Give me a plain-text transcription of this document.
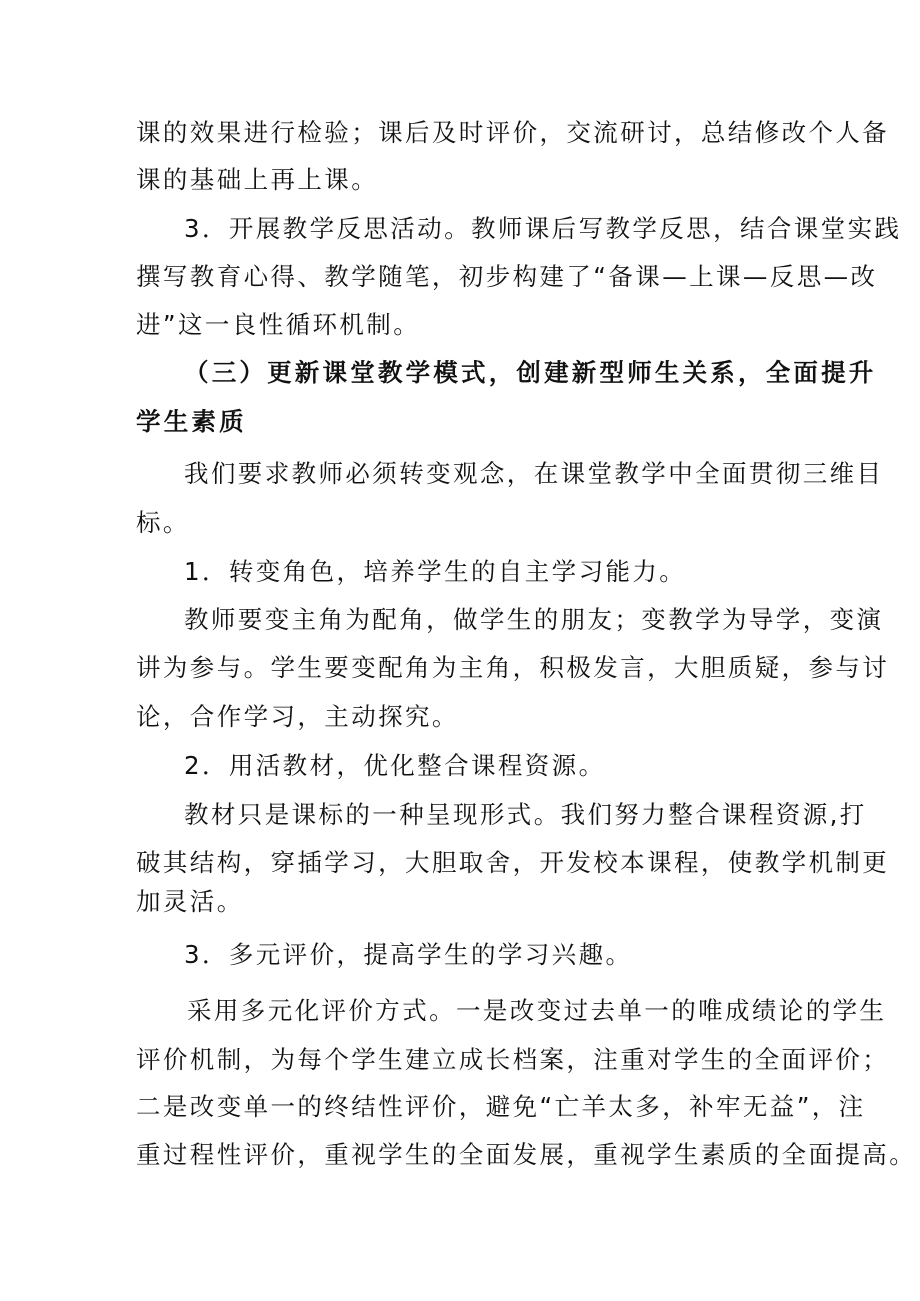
课的效果进行检验；课后及时评价，交流研讨，总结修改个人备

课的基础上再上课。

3．开展教学反思活动。教师课后写教学反思，结合课堂实践

撰写教育心得、教学随笔，初步构建了“备课—上课—反思—改

进”这一良性循环机制。

（三）更新课堂教学模式，创建新型师生关系，全面提升

学生素质

我们要求教师必须转变观念，在课堂教学中全面贯彻三维目

标。

1．转变角色，培养学生的自主学习能力。

教师要变主角为配角，做学生的朋友；变教学为导学，变演

讲为参与。学生要变配角为主角，积极发言，大胆质疑，参与讨

论，合作学习，主动探究。

2．用活教材，优化整合课程资源。

教材只是课标的一种呈现形式。我们努力整合课程资源,打

破其结构，穿插学习，大胆取舍，开发校本课程，使教学机制更

加灵活。

3．多元评价，提高学生的学习兴趣。

采用多元化评价方式。一是改变过去单一的唯成绩论的学生

评价机制，为每个学生建立成长档案，注重对学生的全面评价；

二是改变单一的终结性评价，避免“亡羊太多，补牢无益”，注

重过程性评价，重视学生的全面发展，重视学生素质的全面提高。
